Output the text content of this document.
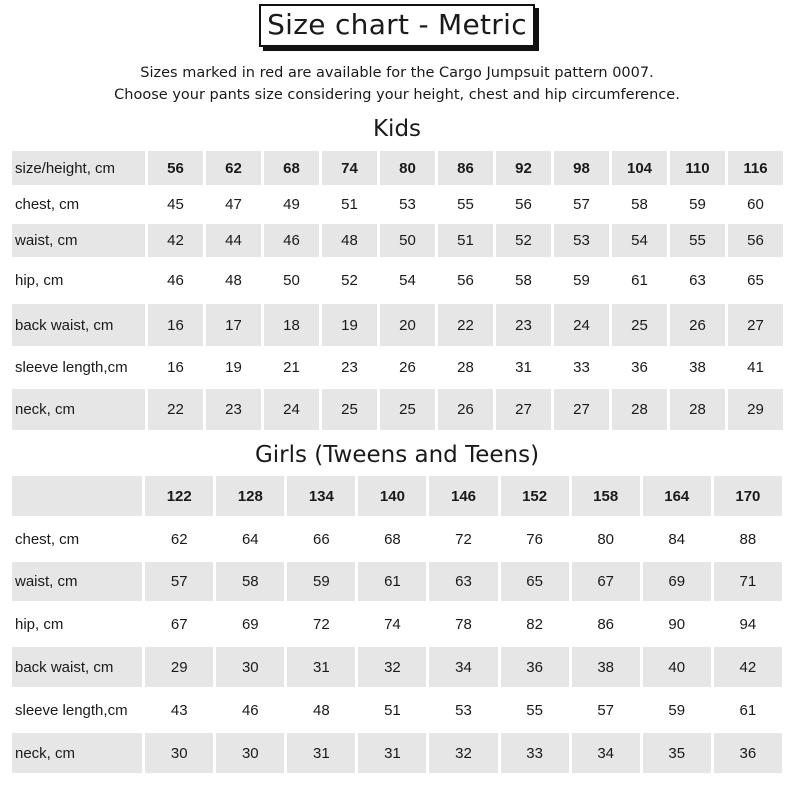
Size chart - Metric
Sizes marked in red are available for the Cargo Jumpsuit pattern 0007.
Choose your pants size considering your height, chest and hip circumference.
Kids
size/height, cm	56	62	68	74	80	86	92	98	104	110	116
chest, cm	45	47	49	51	53	55	56	57	58	59	60
waist, cm	42	44	46	48	50	51	52	53	54	55	56
hip, cm	46	48	50	52	54	56	58	59	61	63	65
back waist, cm	16	17	18	19	20	22	23	24	25	26	27
sleeve length,cm	16	19	21	23	26	28	31	33	36	38	41
neck, cm	22	23	24	25	25	26	27	27	28	28	29
Girls (Tweens and Teens)
	122	128	134	140	146	152	158	164	170
chest, cm	62	64	66	68	72	76	80	84	88
waist, cm	57	58	59	61	63	65	67	69	71
hip, cm	67	69	72	74	78	82	86	90	94
back waist, cm	29	30	31	32	34	36	38	40	42
sleeve length,cm	43	46	48	51	53	55	57	59	61
neck, cm	30	30	31	31	32	33	34	35	36
